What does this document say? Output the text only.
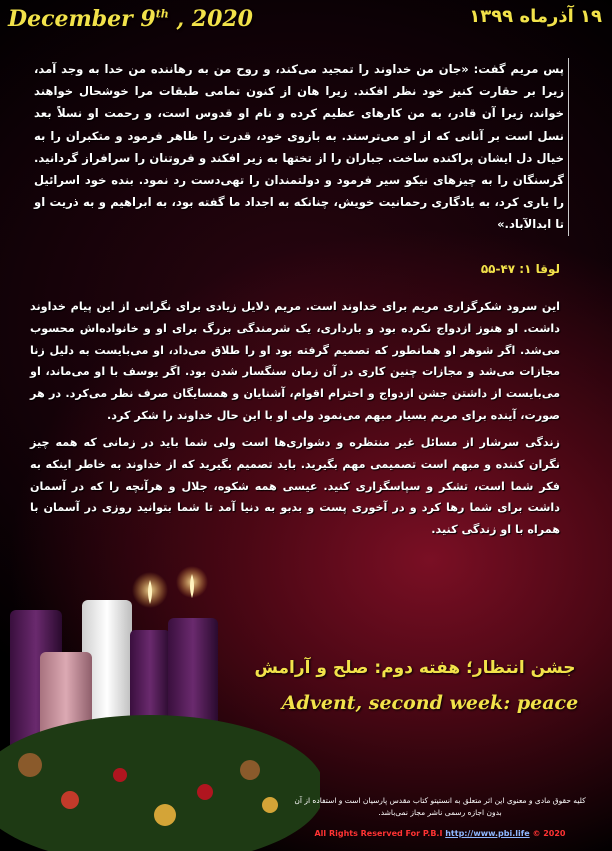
December 9th , 2020	۱۹ آذرماه ۱۳۹۹
پس مریم گفت: «جان من خداوند را تمجید می‌کند، و روح من به رهاننده من خدا به وجد آمد، زیرا بر حقارت کنیز خود نظر افکند. زیرا هان از کنون تمامی طبقات مرا خوشحال خواهند خواند، زیرا آن قادر، به من کارهای عظیم کرده و نام او قدوس است، و رحمت او نسلاً بعد نسل است بر آنانی که از او می‌ترسند. به بازوی خود، قدرت را ظاهر فرمود و متکبران را به خیال دل ایشان پراکنده ساخت. جباران را از تختها به زیر افکند و فروتنان را سرافراز گردانید. گرسنگان را به چیزهای نیکو سیر فرمود و دولتمندان را تهی‌دست رد نمود. بنده خود اسرائیل را یاری کرد، به یادگاری رحمانیت خویش، چنانکه به اجداد ما گفته بود، به ابراهیم و به ذریت او تا ابدالآباد.»
لوقا ۱: ۴۷-۵۵
این سرود شکرگزاری مریم برای خداوند است. مریم دلایل زیادی برای نگرانی از این پیام خداوند داشت. او هنوز ازدواج نکرده بود و بارداری، یک شرمندگی بزرگ برای او و خانواده‌اش محسوب می‌شد. اگر شوهر او همانطور که تصمیم گرفته بود او را طلاق می‌داد، او می‌بایست به دلیل زنا مجازات می‌شد و مجازات چنین کاری در آن زمان سنگسار شدن بود. اگر یوسف با او می‌ماند، او می‌بایست از داشتن جشن ازدواج و احترام اقوام، آشنایان و همسایگان صرف نظر می‌کرد. در هر صورت، آینده برای مریم بسیار مبهم می‌نمود ولی او با این حال خداوند را شکر کرد.
زندگی سرشار از مسائل غیر منتظره و دشواری‌ها است ولی شما باید در زمانی که همه چیز نگران کننده و مبهم است تصمیمی مهم بگیرید. باید تصمیم بگیرید که از خداوند به خاطر اینکه به فکر شما است، تشکر و سپاسگزاری کنید. عیسی همه شکوه، جلال و هرآنچه را که در آسمان داشت برای شما رها کرد و در آخوری پست و بدبو به دنیا آمد تا شما بتوانید روزی در آسمان با همراه با او زندگی کنید.
جشن انتظار؛ هفته دوم: صلح و آرامش
Advent, second week: peace
کلیه حقوق مادی و معنوی این اثر متعلق به انستیتو کتاب مقدس پارسیان است و استفاده از آن بدون اجازه رسمی ناشر مجاز نمی‌باشد.
All Rights Reserved For P.B.I http://www.pbi.life © 2020
